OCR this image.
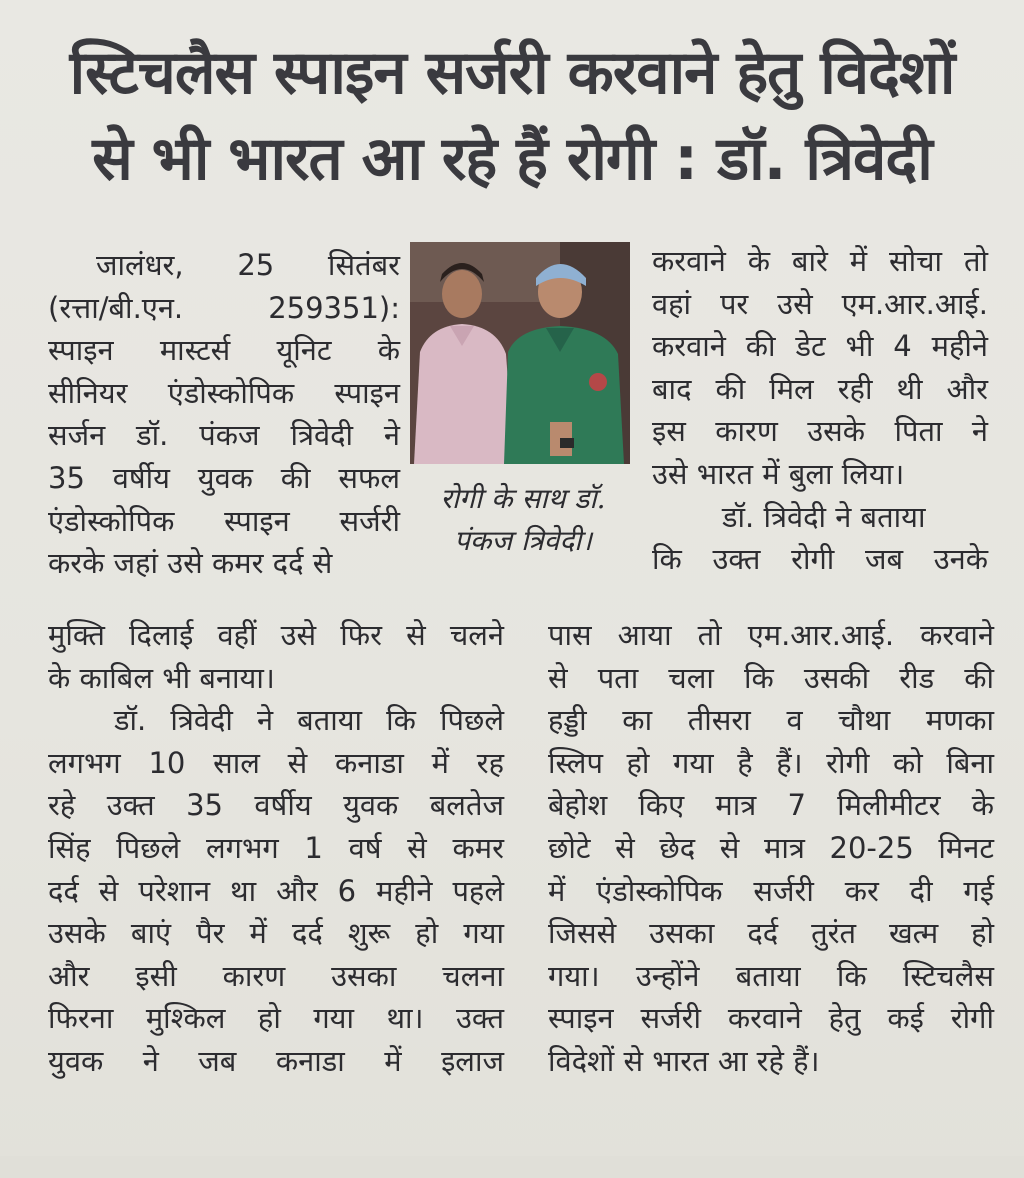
स्टिचलैस स्पाइन सर्जरी करवाने हेतु विदेशों
से भी भारत आ रहे हैं रोगी : डॉ. त्रिवेदी

जालंधर, 25 सितंबर

(रत्ता/बी.एन. 259351):

स्पाइन मास्टर्स यूनिट के

सीनियर एंडोस्कोपिक स्पाइन

सर्जन डॉ. पंकज त्रिवेदी ने

35 वर्षीय युवक की सफल

एंडोस्कोपिक स्पाइन सर्जरी

करके जहां उसे कमर दर्द से

रोगी के साथ डॉ.
पंकज त्रिवेदी।

करवाने के बारे में सोचा तो

वहां पर उसे एम.आर.आई.

करवाने की डेट भी 4 महीने

बाद की मिल रही थी और

इस कारण उसके पिता ने

उसे भारत में बुला लिया।

डॉ. त्रिवेदी ने बताया

कि उक्त रोगी जब उनके

मुक्ति दिलाई वहीं उसे फिर से चलने

के काबिल भी बनाया।

डॉ. त्रिवेदी ने बताया कि पिछले

लगभग 10 साल से कनाडा में रह

रहे उक्त 35 वर्षीय युवक बलतेज

सिंह पिछले लगभग 1 वर्ष से कमर

दर्द से परेशान था और 6 महीने पहले

उसके बाएं पैर में दर्द शुरू हो गया

और इसी कारण उसका चलना

फिरना मुश्किल हो गया था। उक्त

युवक ने जब कनाडा में इलाज

पास आया तो एम.आर.आई. करवाने

से पता चला कि उसकी रीड की

हड्डी का तीसरा व चौथा मणका

स्लिप हो गया है हैं। रोगी को बिना

बेहोश किए मात्र 7 मिलीमीटर के

छोटे से छेद से मात्र 20-25 मिनट

में एंडोस्कोपिक सर्जरी कर दी गई

जिससे उसका दर्द तुरंत खत्म हो

गया। उन्होंने बताया कि स्टिचलैस

स्पाइन सर्जरी करवाने हेतु कई रोगी

विदेशों से भारत आ रहे हैं।
